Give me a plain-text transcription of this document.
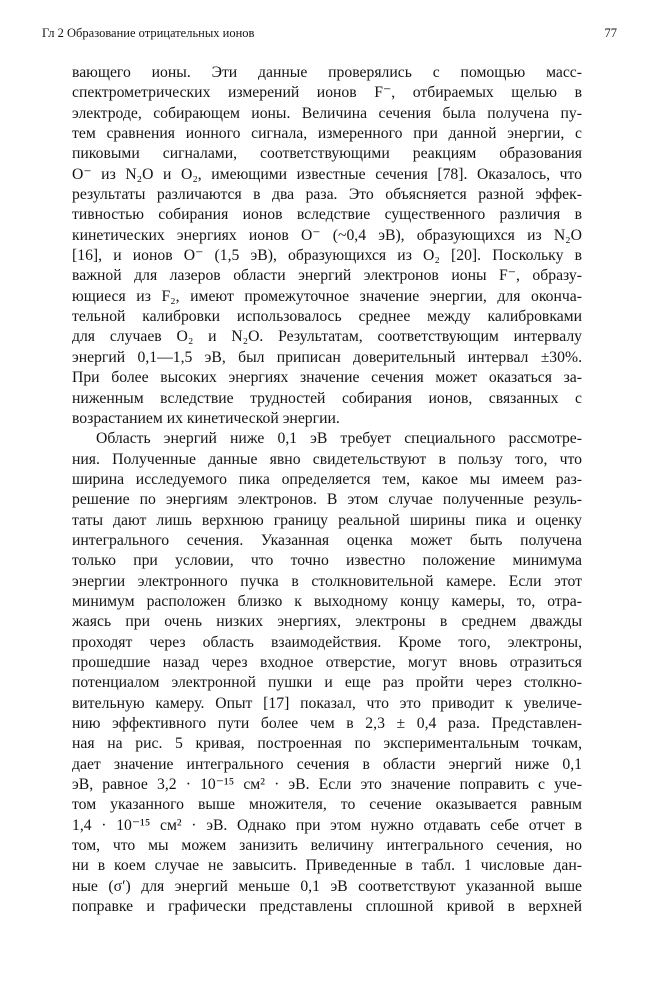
Гл 2 Образование отрицательных ионов	77
вающего ионы. Эти данные проверялись с помощью масс-
спектрометрических измерений ионов F⁻, отбираемых щелью в
электроде, собирающем ионы. Величина сечения была получена пу-
тем сравнения ионного сигнала, измеренного при данной энергии, с
пиковыми сигналами, соответствующими реакциям образования
O⁻ из N₂O и O₂, имеющими известные сечения [78]. Оказалось, что
результаты различаются в два раза. Это объясняется разной эффек-
тивностью собирания ионов вследствие существенного различия в
кинетических энергиях ионов O⁻ (~0,4 эВ), образующихся из N₂O
[16], и ионов O⁻ (1,5 эВ), образующихся из O₂ [20]. Поскольку в
важной для лазеров области энергий электронов ионы F⁻, образу-
ющиеся из F₂, имеют промежуточное значение энергии, для оконча-
тельной калибровки использовалось среднее между калибровками
для случаев O₂ и N₂O. Результатам, соответствующим интервалу
энергий 0,1—1,5 эВ, был приписан доверительный интервал ±30%.
При более высоких энергиях значение сечения может оказаться за-
ниженным вследствие трудностей собирания ионов, связанных с
возрастанием их кинетической энергии.
Область энергий ниже 0,1 эВ требует специального рассмотре-
ния. Полученные данные явно свидетельствуют в пользу того, что
ширина исследуемого пика определяется тем, какое мы имеем раз-
решение по энергиям электронов. В этом случае полученные резуль-
таты дают лишь верхнюю границу реальной ширины пика и оценку
интегрального сечения. Указанная оценка может быть получена
только при условии, что точно известно положение минимума
энергии электронного пучка в столкновительной камере. Если этот
минимум расположен близко к выходному концу камеры, то, отра-
жаясь при очень низких энергиях, электроны в среднем дважды
проходят через область взаимодействия. Кроме того, электроны,
прошедшие назад через входное отверстие, могут вновь отразиться
потенциалом электронной пушки и еще раз пройти через столкно-
вительную камеру. Опыт [17] показал, что это приводит к увеличе-
нию эффективного пути более чем в 2,3 ± 0,4 раза. Представлен-
ная на рис. 5 кривая, построенная по экспериментальным точкам,
дает значение интегрального сечения в области энергий ниже 0,1
эВ, равное 3,2 · 10⁻¹⁵ см² · эВ. Если это значение поправить с уче-
том указанного выше множителя, то сечение оказывается равным
1,4 · 10⁻¹⁵ см² · эВ. Однако при этом нужно отдавать себе отчет в
том, что мы можем занизить величину интегрального сечения, но
ни в коем случае не завысить. Приведенные в табл. 1 числовые дан-
ные (σ′) для энергий меньше 0,1 эВ соответствуют указанной выше
поправке и графически представлены сплошной кривой в верхней
